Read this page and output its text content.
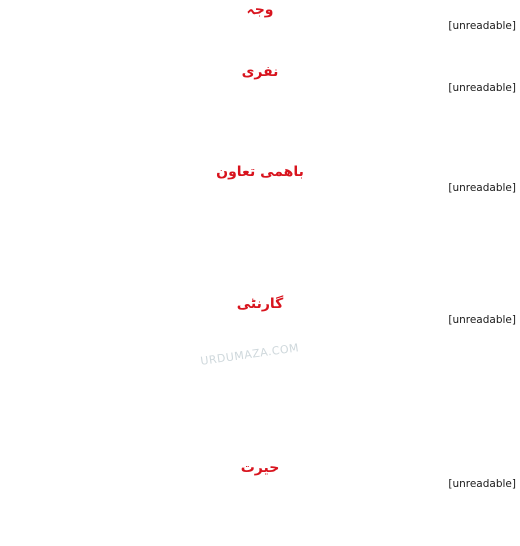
وجہ
[unreadable]
نفری
[unreadable]
باهمی تعاون
[unreadable]
گارنٹی
[unreadable]
حیرت
[unreadable]
URDUMAZA.COM
